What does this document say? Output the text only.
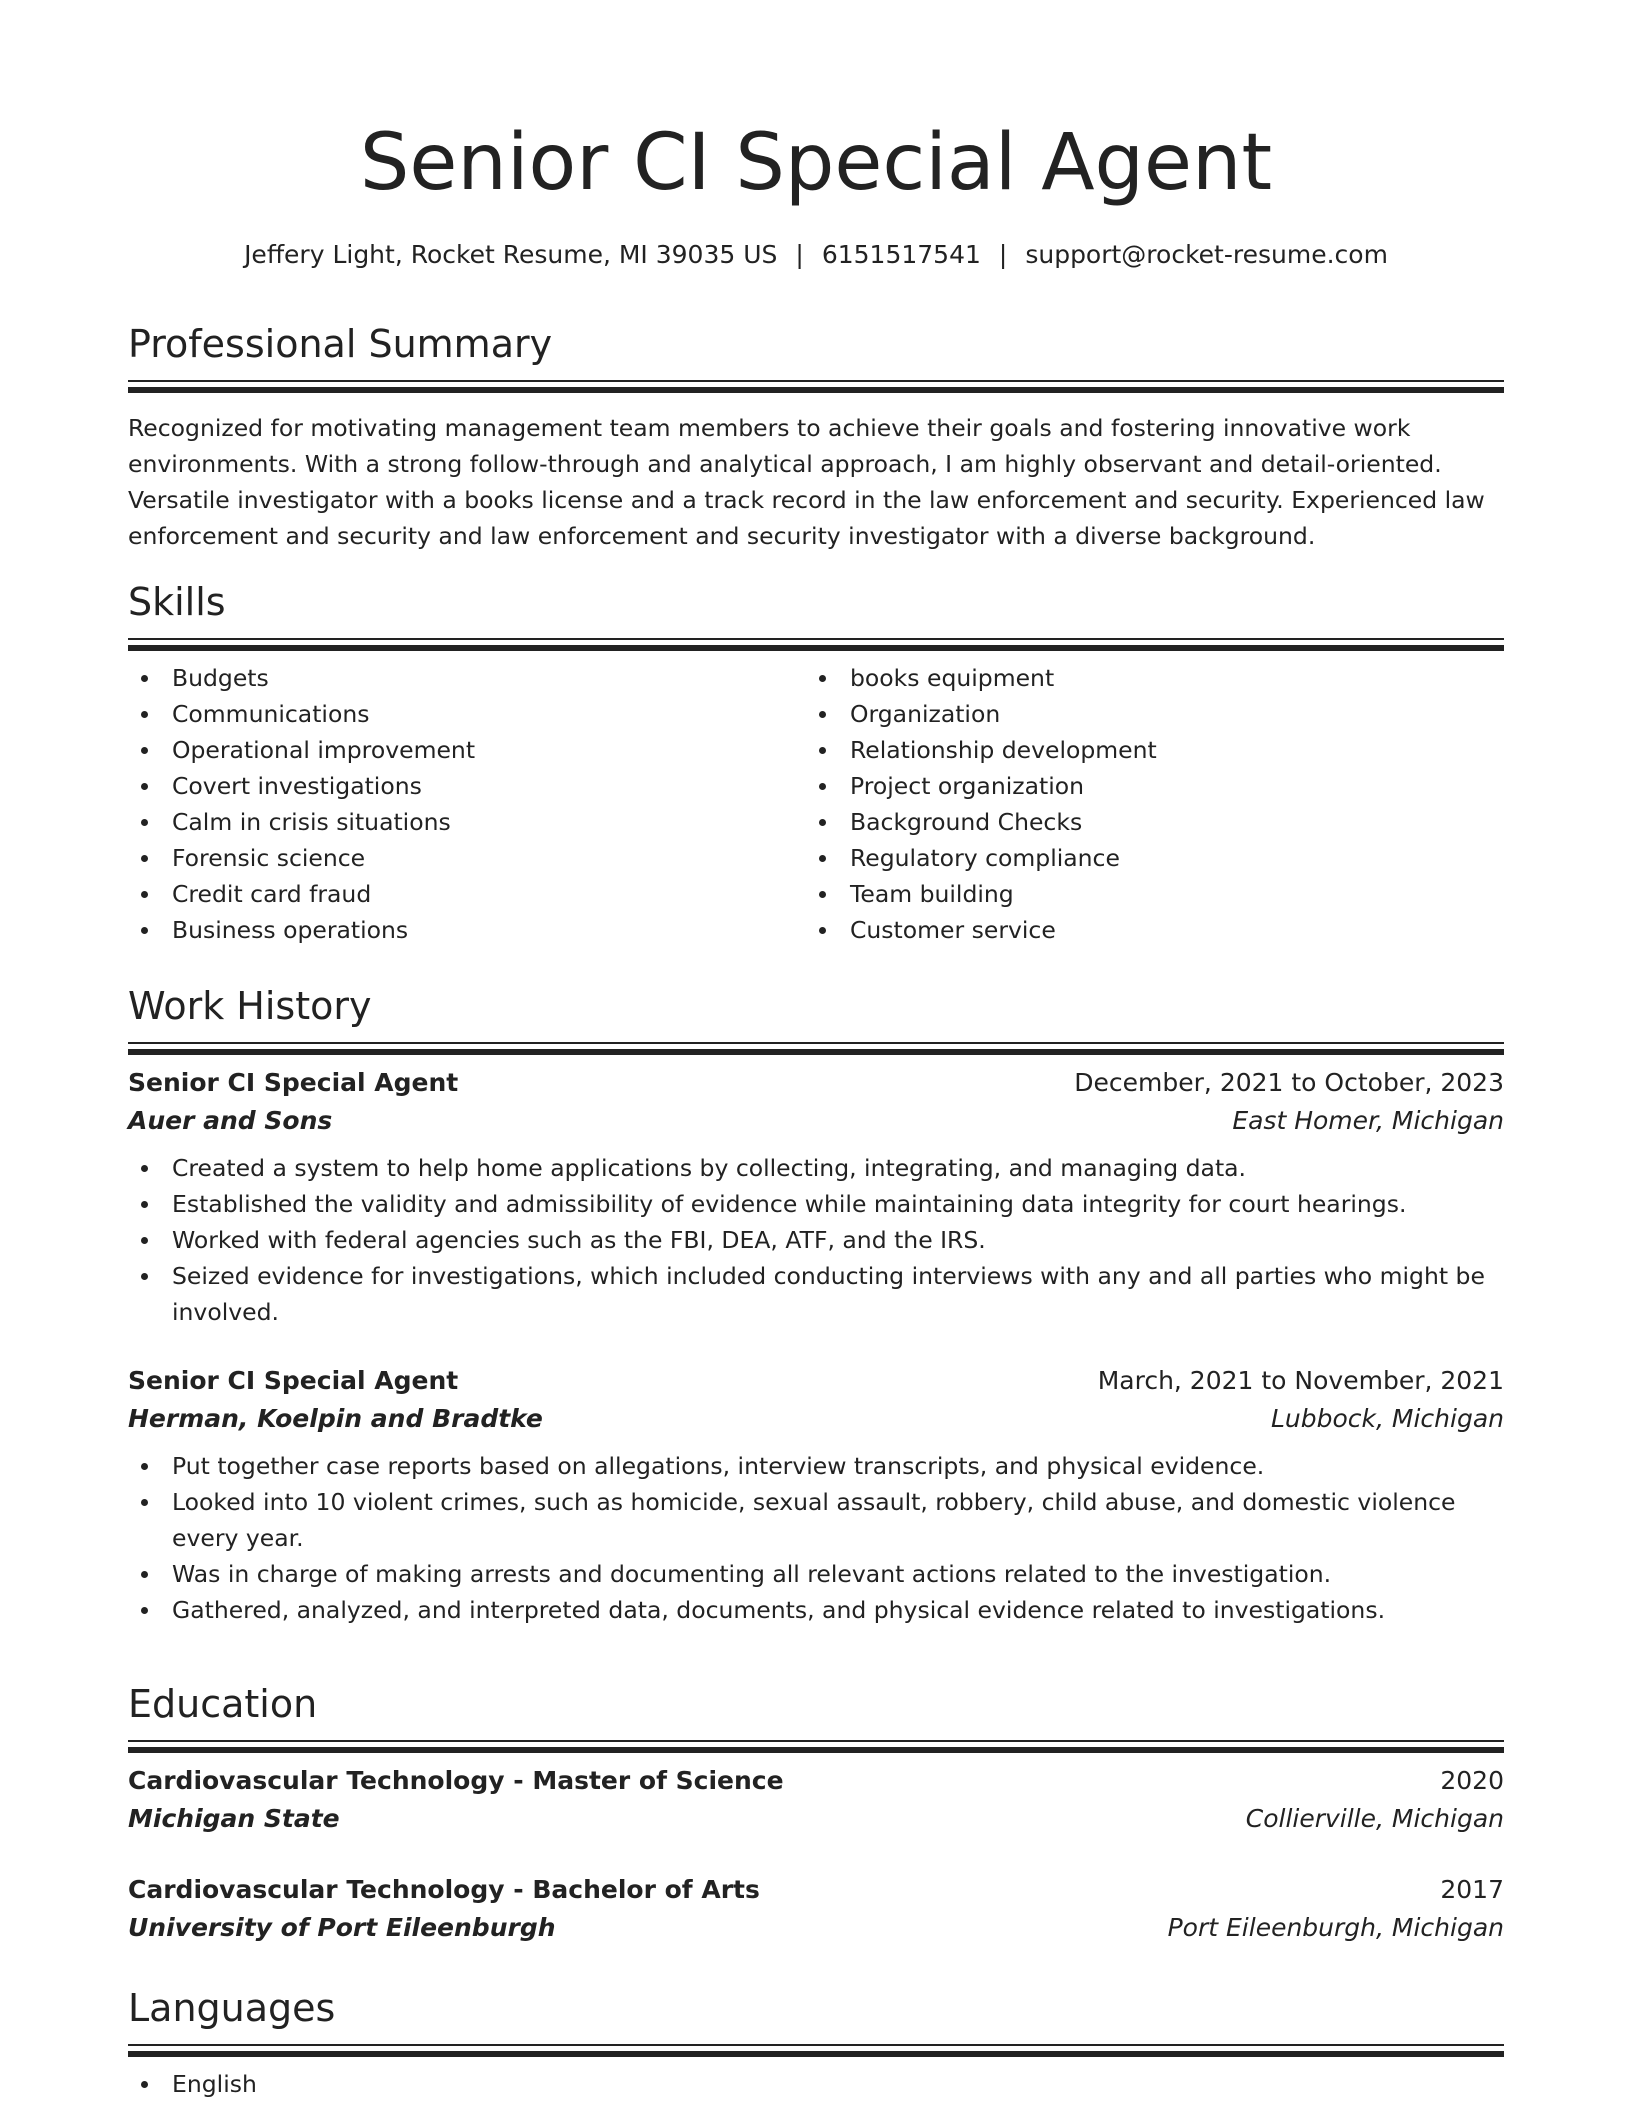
Senior CI Special Agent
Jeffery Light, Rocket Resume, MI 39035 US | 6151517541 | support@rocket-resume.com
Professional Summary

Recognized for motivating management team members to achieve their goals and fostering innovative work environments. With a strong follow-through and analytical approach, I am highly observant and detail-oriented. Versatile investigator with a books license and a track record in the law enforcement and security. Experienced law enforcement and security and law enforcement and security investigator with a diverse background.

Skills
Budgets
Communications
Operational improvement
Covert investigations
Calm in crisis situations
Forensic science
Credit card fraud
Business operations
books equipment
Organization
Relationship development
Project organization
Background Checks
Regulatory compliance
Team building
Customer service
Work History
Senior CI Special Agent	December, 2021 to October, 2023
Auer and Sons	East Homer, Michigan
Created a system to help home applications by collecting, integrating, and managing data.
Established the validity and admissibility of evidence while maintaining data integrity for court hearings.
Worked with federal agencies such as the FBI, DEA, ATF, and the IRS.
Seized evidence for investigations, which included conducting interviews with any and all parties who might be involved.
Senior CI Special Agent	March, 2021 to November, 2021
Herman, Koelpin and Bradtke	Lubbock, Michigan
Put together case reports based on allegations, interview transcripts, and physical evidence.
Looked into 10 violent crimes, such as homicide, sexual assault, robbery, child abuse, and domestic violence every year.
Was in charge of making arrests and documenting all relevant actions related to the investigation.
Gathered, analyzed, and interpreted data, documents, and physical evidence related to investigations.
Education
Cardiovascular Technology - Master of Science	2020
Michigan State	Collierville, Michigan
Cardiovascular Technology - Bachelor of Arts	2017
University of Port Eileenburgh	Port Eileenburgh, Michigan
Languages
English
